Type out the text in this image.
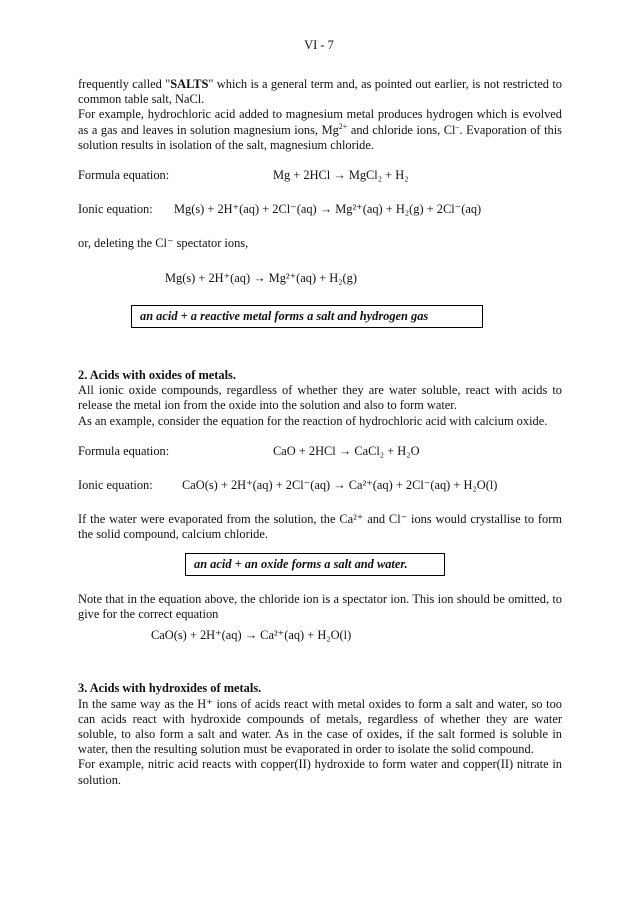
VI - 7

frequently called "SALTS" which is a general term and, as pointed out earlier, is not restricted to common table salt, NaCl.

For example, hydrochloric acid added to magnesium metal produces hydrogen which is evolved as a gas and leaves in solution magnesium ions, $Mg^{2+}$ and chloride ions, Cl–. Evaporation of this solution results in isolation of the salt, magnesium chloride.

Formula equation:	Mg + 2HCl → MgCl₂ + H₂

Ionic equation: Mg(s) + 2H⁺(aq) + 2Cl⁻(aq) → Mg²⁺(aq) + H₂(g) + 2Cl⁻(aq)

or, deleting the Cl⁻ spectator ions,

Mg(s) + 2H⁺(aq) → Mg²⁺(aq) + H₂(g)

an acid + a reactive metal forms a salt and hydrogen gas

2. Acids with oxides of metals.

All ionic oxide compounds, regardless of whether they are water soluble, react with acids to release the metal ion from the oxide into the solution and also to form water.

As an example, consider the equation for the reaction of hydrochloric acid with calcium oxide.

Formula equation:	CaO + 2HCl → CaCl₂ + H₂O

Ionic equation: CaO(s) + 2H⁺(aq) + 2Cl⁻(aq) → Ca²⁺(aq) + 2Cl⁻(aq) + H₂O(l)

If the water were evaporated from the solution, the Ca²⁺ and Cl⁻ ions would crystallise to form the solid compound, calcium chloride.

an acid + an oxide forms a salt and water.

Note that in the equation above, the chloride ion is a spectator ion. This ion should be omitted, to give for the correct equation

CaO(s) + 2H⁺(aq) → Ca²⁺(aq) + H₂O(l)

3. Acids with hydroxides of metals.

In the same way as the H⁺ ions of acids react with metal oxides to form a salt and water, so too can acids react with hydroxide compounds of metals, regardless of whether they are water soluble, to also form a salt and water. As in the case of oxides, if the salt formed is soluble in water, then the resulting solution must be evaporated in order to isolate the solid compound.

For example, nitric acid reacts with copper(II) hydroxide to form water and copper(II) nitrate in solution.
